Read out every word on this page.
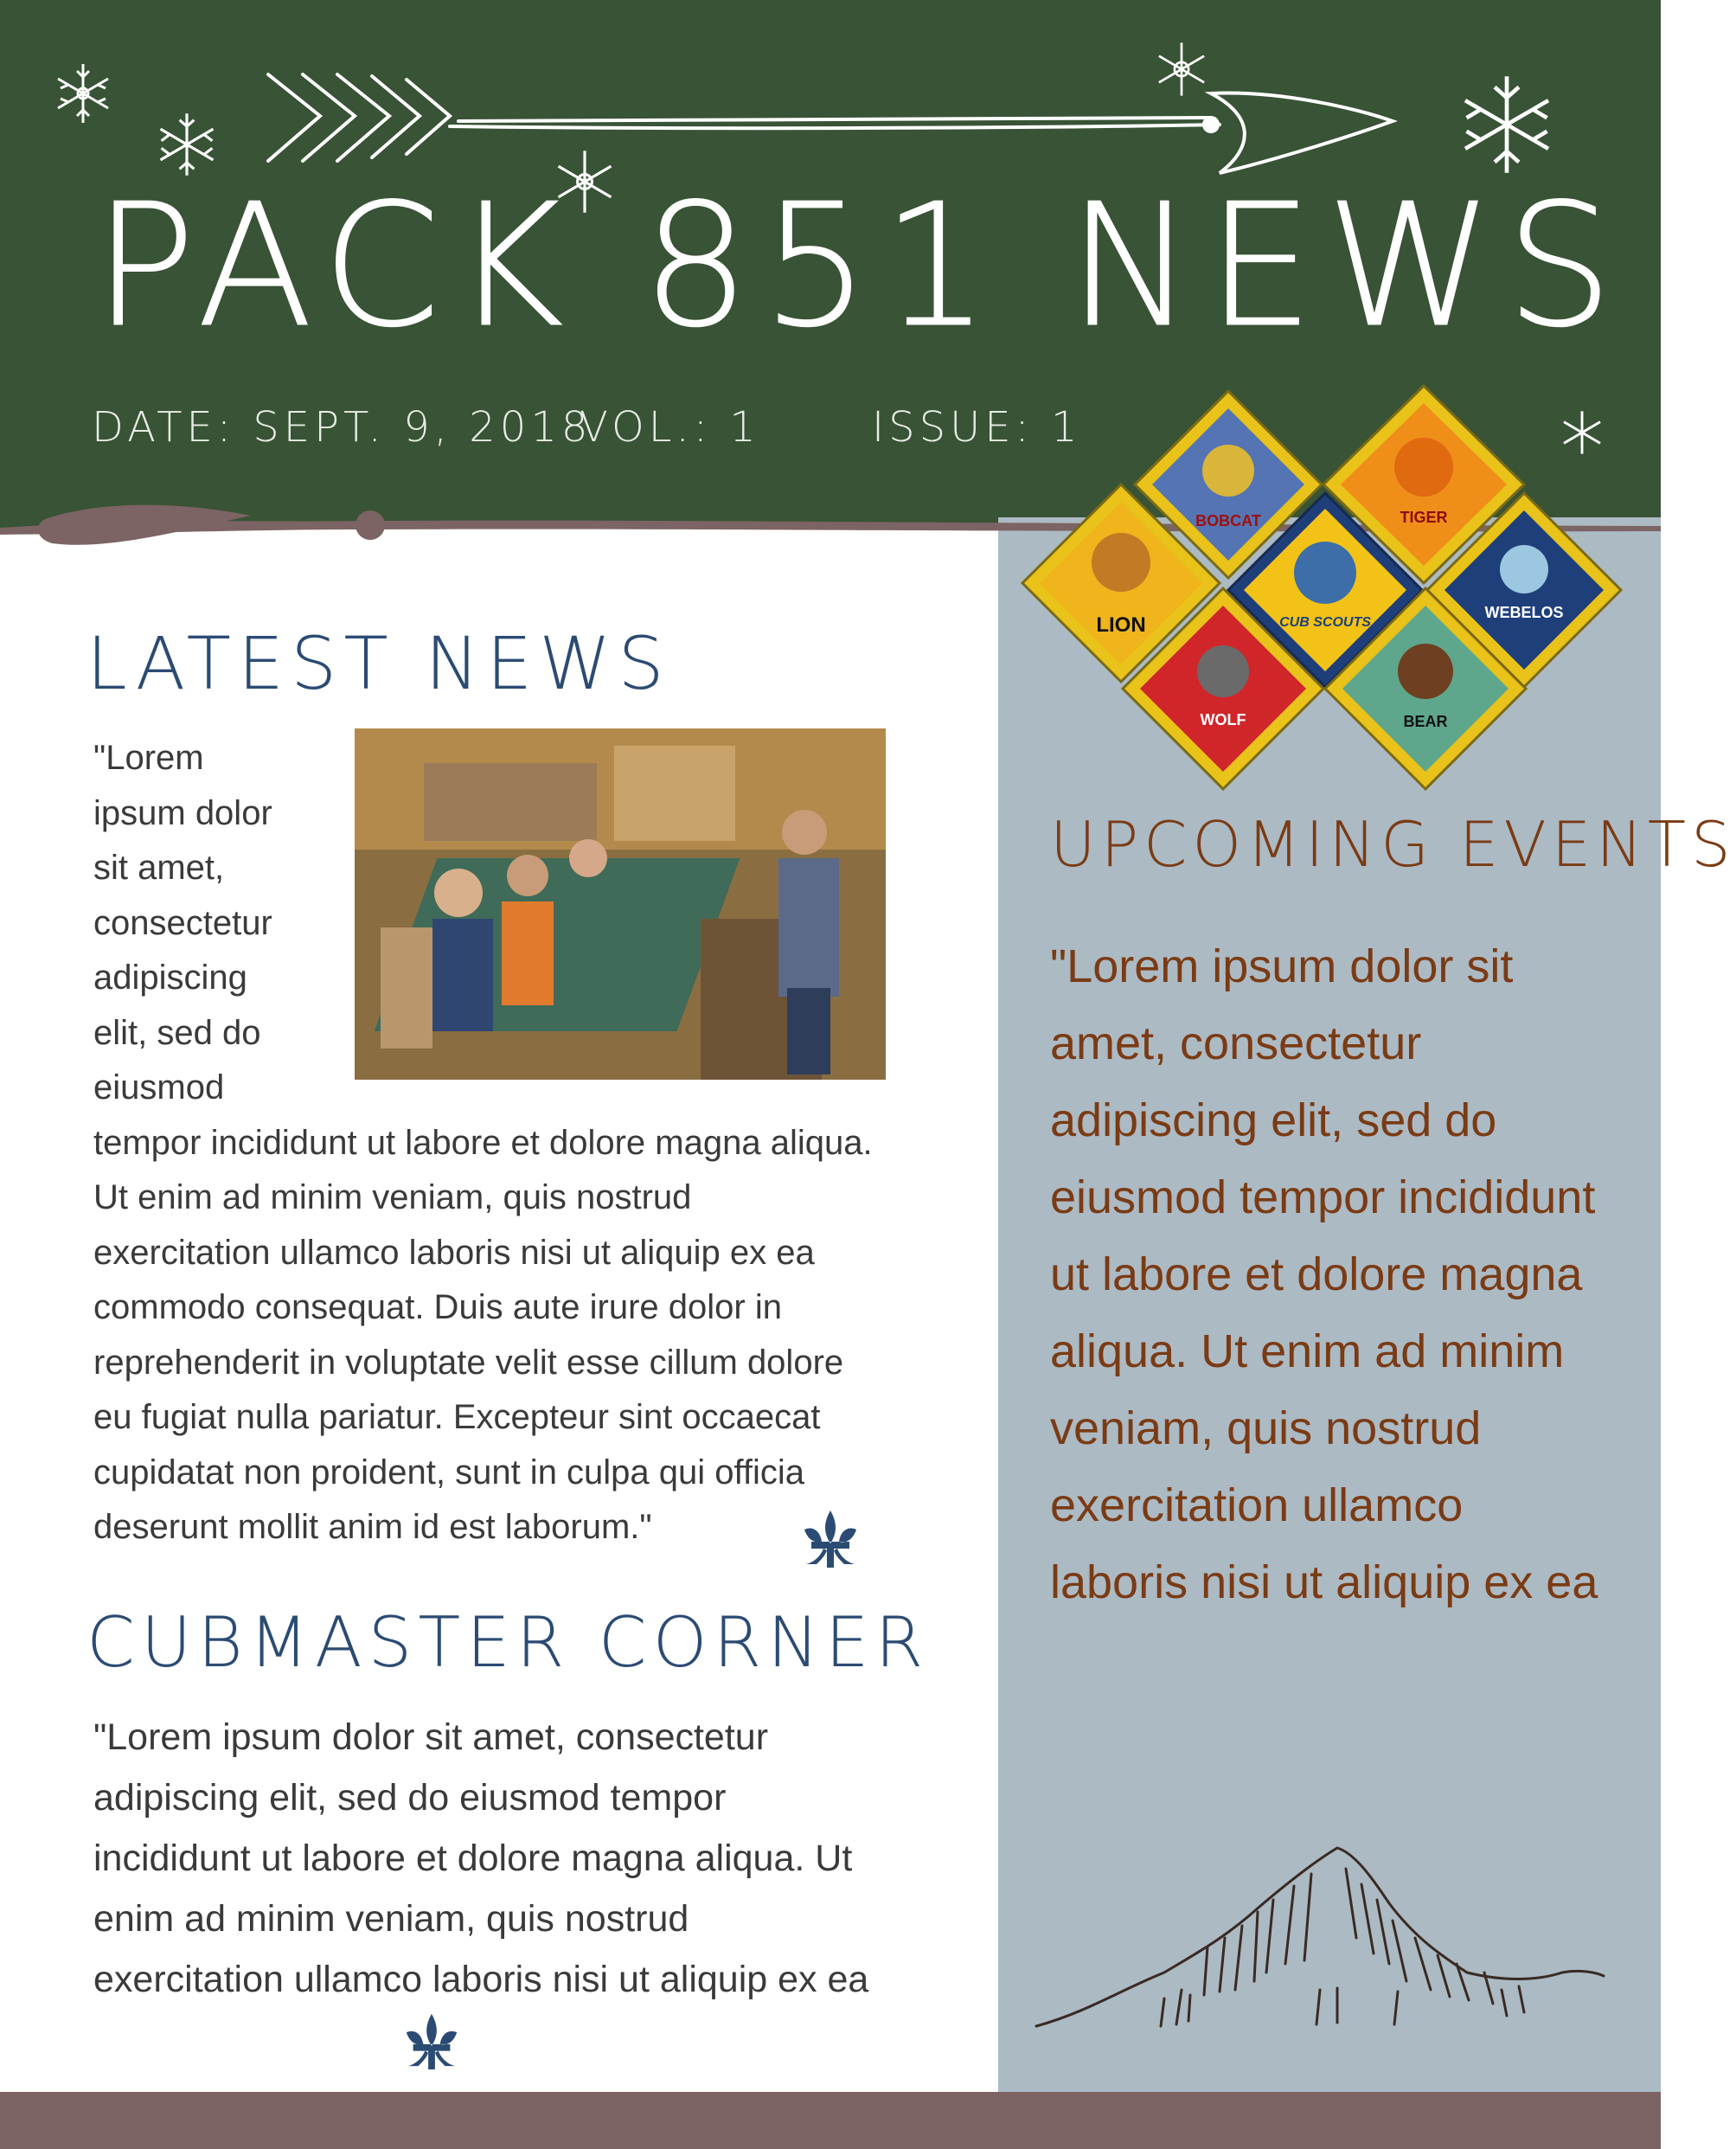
PACK 851 NEWS
DATE: SEPT. 9, 2018
VOL.: 1	ISSUE: 1
LATEST NEWS
"Lorem ipsum dolor sit amet, consectetur adipiscing elit, sed do eiusmod tempor incididunt ut labore et dolore magna aliqua. Ut enim ad minim veniam, quis nostrud exercitation ullamco laboris nisi ut aliquip ex ea commodo consequat. Duis aute irure dolor in reprehenderit in voluptate velit esse cillum dolore eu fugiat nulla pariatur. Excepteur sint occaecat cupidatat non proident, sunt in culpa qui officia deserunt mollit anim id est laborum."
CUBMASTER CORNER

"Lorem ipsum dolor sit amet, consectetur adipiscing elit, sed do eiusmod tempor incididunt ut labore et dolore magna aliqua. Ut enim ad minim veniam, quis nostrud exercitation ullamco laboris nisi ut aliquip ex ea

BOBCAT	TIGER
LION	CUB SCOUTS
WEBELOS
WOLF	BEAR
UPCOMING EVENTS

"Lorem ipsum dolor sit amet, consectetur adipiscing elit, sed do eiusmod tempor incididunt ut labore et dolore magna aliqua. Ut enim ad minim veniam, quis nostrud exercitation ullamco laboris nisi ut aliquip ex ea
